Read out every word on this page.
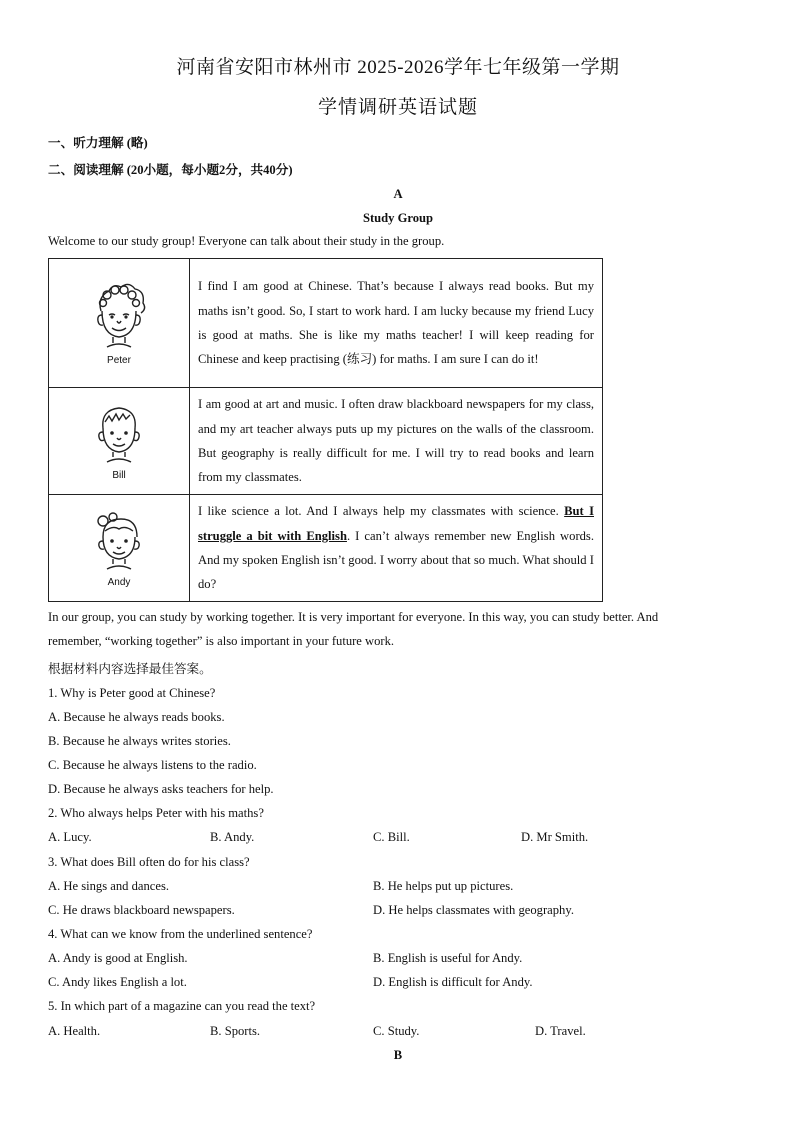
河南省安阳市林州市 2025-2026学年七年级第一学期
学情调研英语试题
一、听力理解 (略)
二、阅读理解 (20小题，每小题2分，共40分)
A
Study Group
Welcome to our study group! Everyone can talk about their study in the group.
Peter	I find I am good at Chinese. That’s because I always read books. But my maths isn’t good. So, I start to work hard. I am lucky because my friend Lucy is good at maths. She is like my maths teacher! I will keep reading for Chinese and keep practising (练习) for maths. I am sure I can do it!

Bill	I am good at art and music. I often draw blackboard newspapers for my class, and my art teacher always puts up my pictures on the walls of the classroom. But geography is really difficult for me. I will try to read books and learn from my classmates.

Andy	I like science a lot. And I always help my classmates with science. But I struggle a bit with English. I can’t always remember new English words. And my spoken English isn’t good. I worry about that so much. What should I do?
In our group, you can study by working together. It is very important for everyone. In this way, you can study better. And
remember, “working together” is also important in your future work.
根据材料内容选择最佳答案。
1. Why is Peter good at Chinese?
A. Because he always reads books.
B. Because he always writes stories.
C. Because he always listens to the radio.
D. Because he always asks teachers for help.
2. Who always helps Peter with his maths?
A. Lucy.	B. Andy.	C. Bill.	D. Mr Smith.
3. What does Bill often do for his class?
A. He sings and dances.	B. He helps put up pictures.
C. He draws blackboard newspapers.	D. He helps classmates with geography.
4. What can we know from the underlined sentence?
A. Andy is good at English.	B. English is useful for Andy.
C. Andy likes English a lot.	D. English is difficult for Andy.
5. In which part of a magazine can you read the text?
A. Health.	B. Sports.	C. Study.	D. Travel.
B
